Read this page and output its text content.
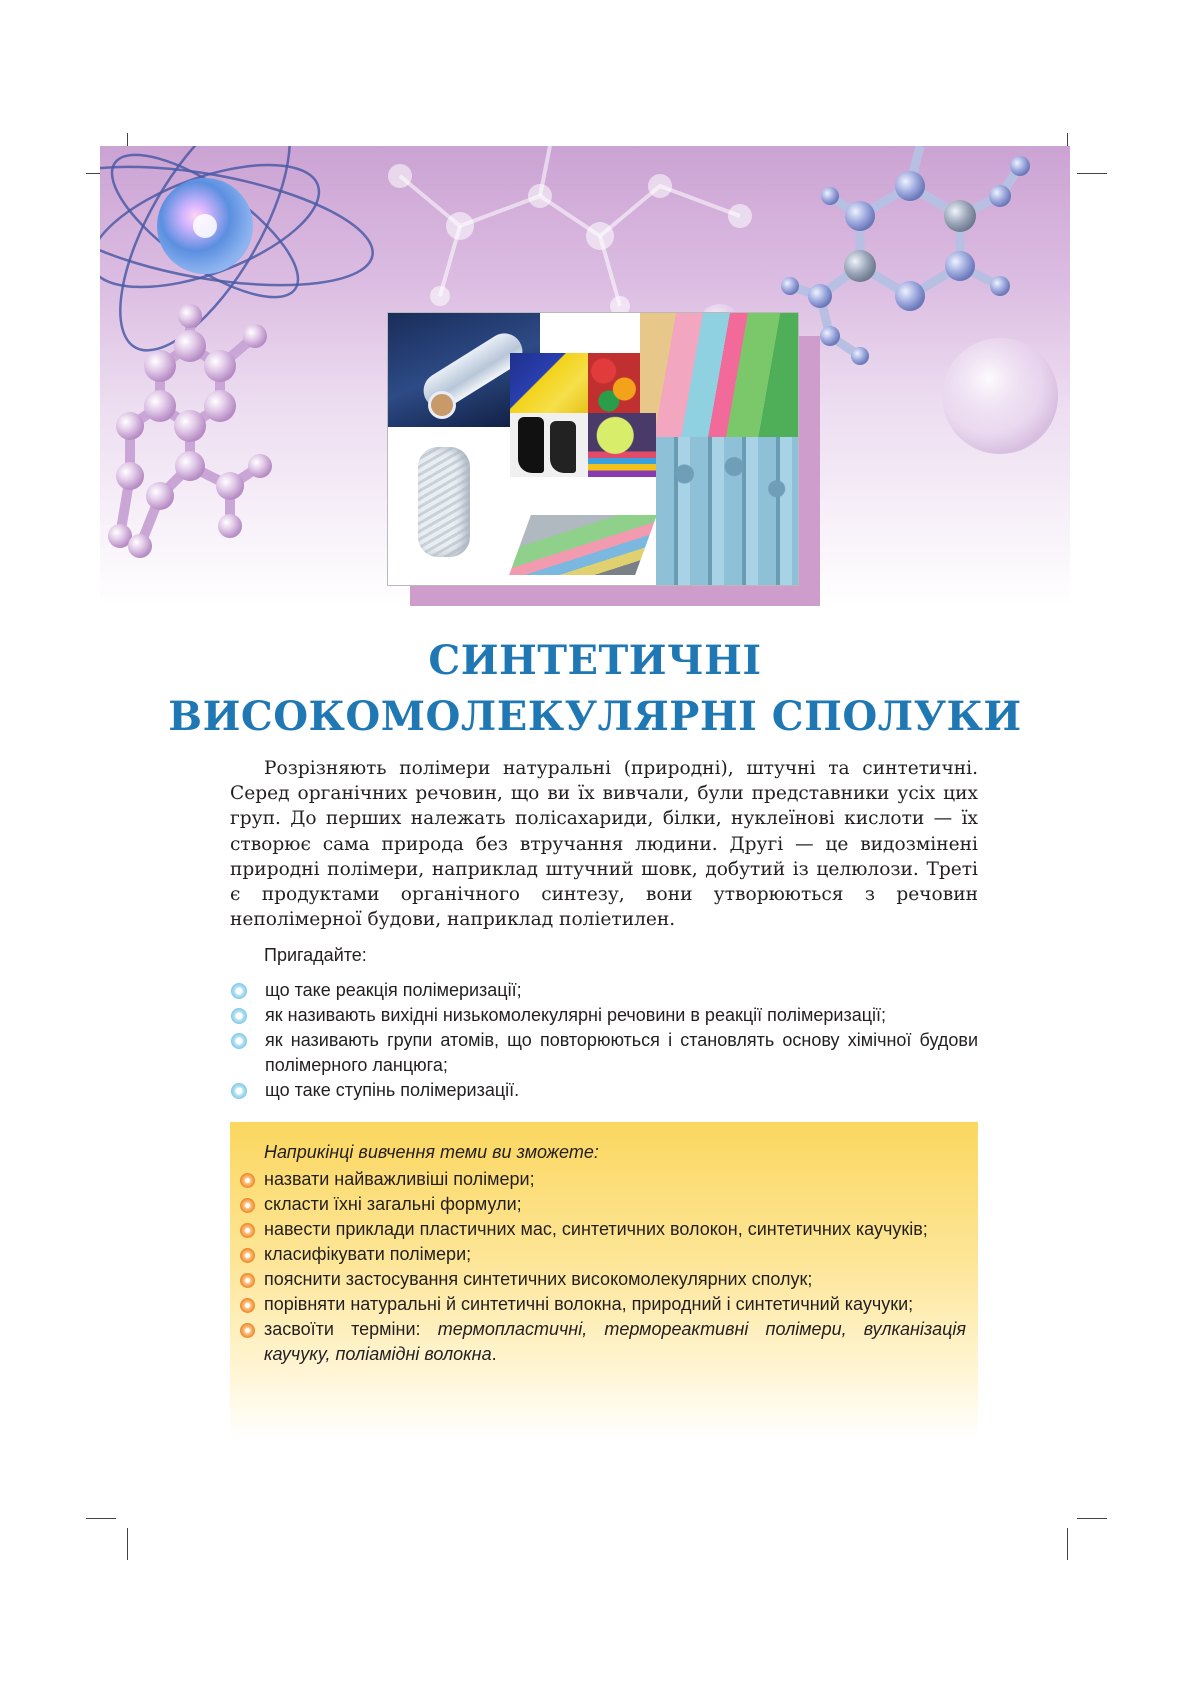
СИНТЕТИЧНІ
ВИСОКОМОЛЕКУЛЯРНІ СПОЛУКИ

Розрізняють полімери натуральні (природні), штучні та синтетичні. Серед органічних речовин, що ви їх вивчали, були представники усіх цих груп. До перших належать полісахариди, білки, нуклеїнові кислоти — їх створює сама природа без втручання людини. Другі — це видозмінені природні полімери, наприклад штучний шовк, добутий із целюлози. Треті є продуктами органічного синтезу, вони утворюються з речовин неполімерної будови, наприклад поліетилен.

Пригадайте:

що таке реакція полімеризації;
як називають вихідні низькомолекулярні речовини в реакції полімеризації;
як називають групи атомів, що повторюються і становлять основу хімічної будови полімерного ланцюга;
що таке ступінь полімеризації.

Наприкінці вивчення теми ви зможете:

назвати найважливіші полімери;
скласти їхні загальні формули;
навести приклади пластичних мас, синтетичних волокон, синтетичних каучуків;
класифікувати полімери;
пояснити застосування синтетичних високомолекулярних сполук;
порівняти натуральні й синтетичні волокна, природний і синтетичний каучуки;
засвоїти терміни: термопластичні, термореактивні полімери, вулканізація каучуку, поліамідні волокна.
